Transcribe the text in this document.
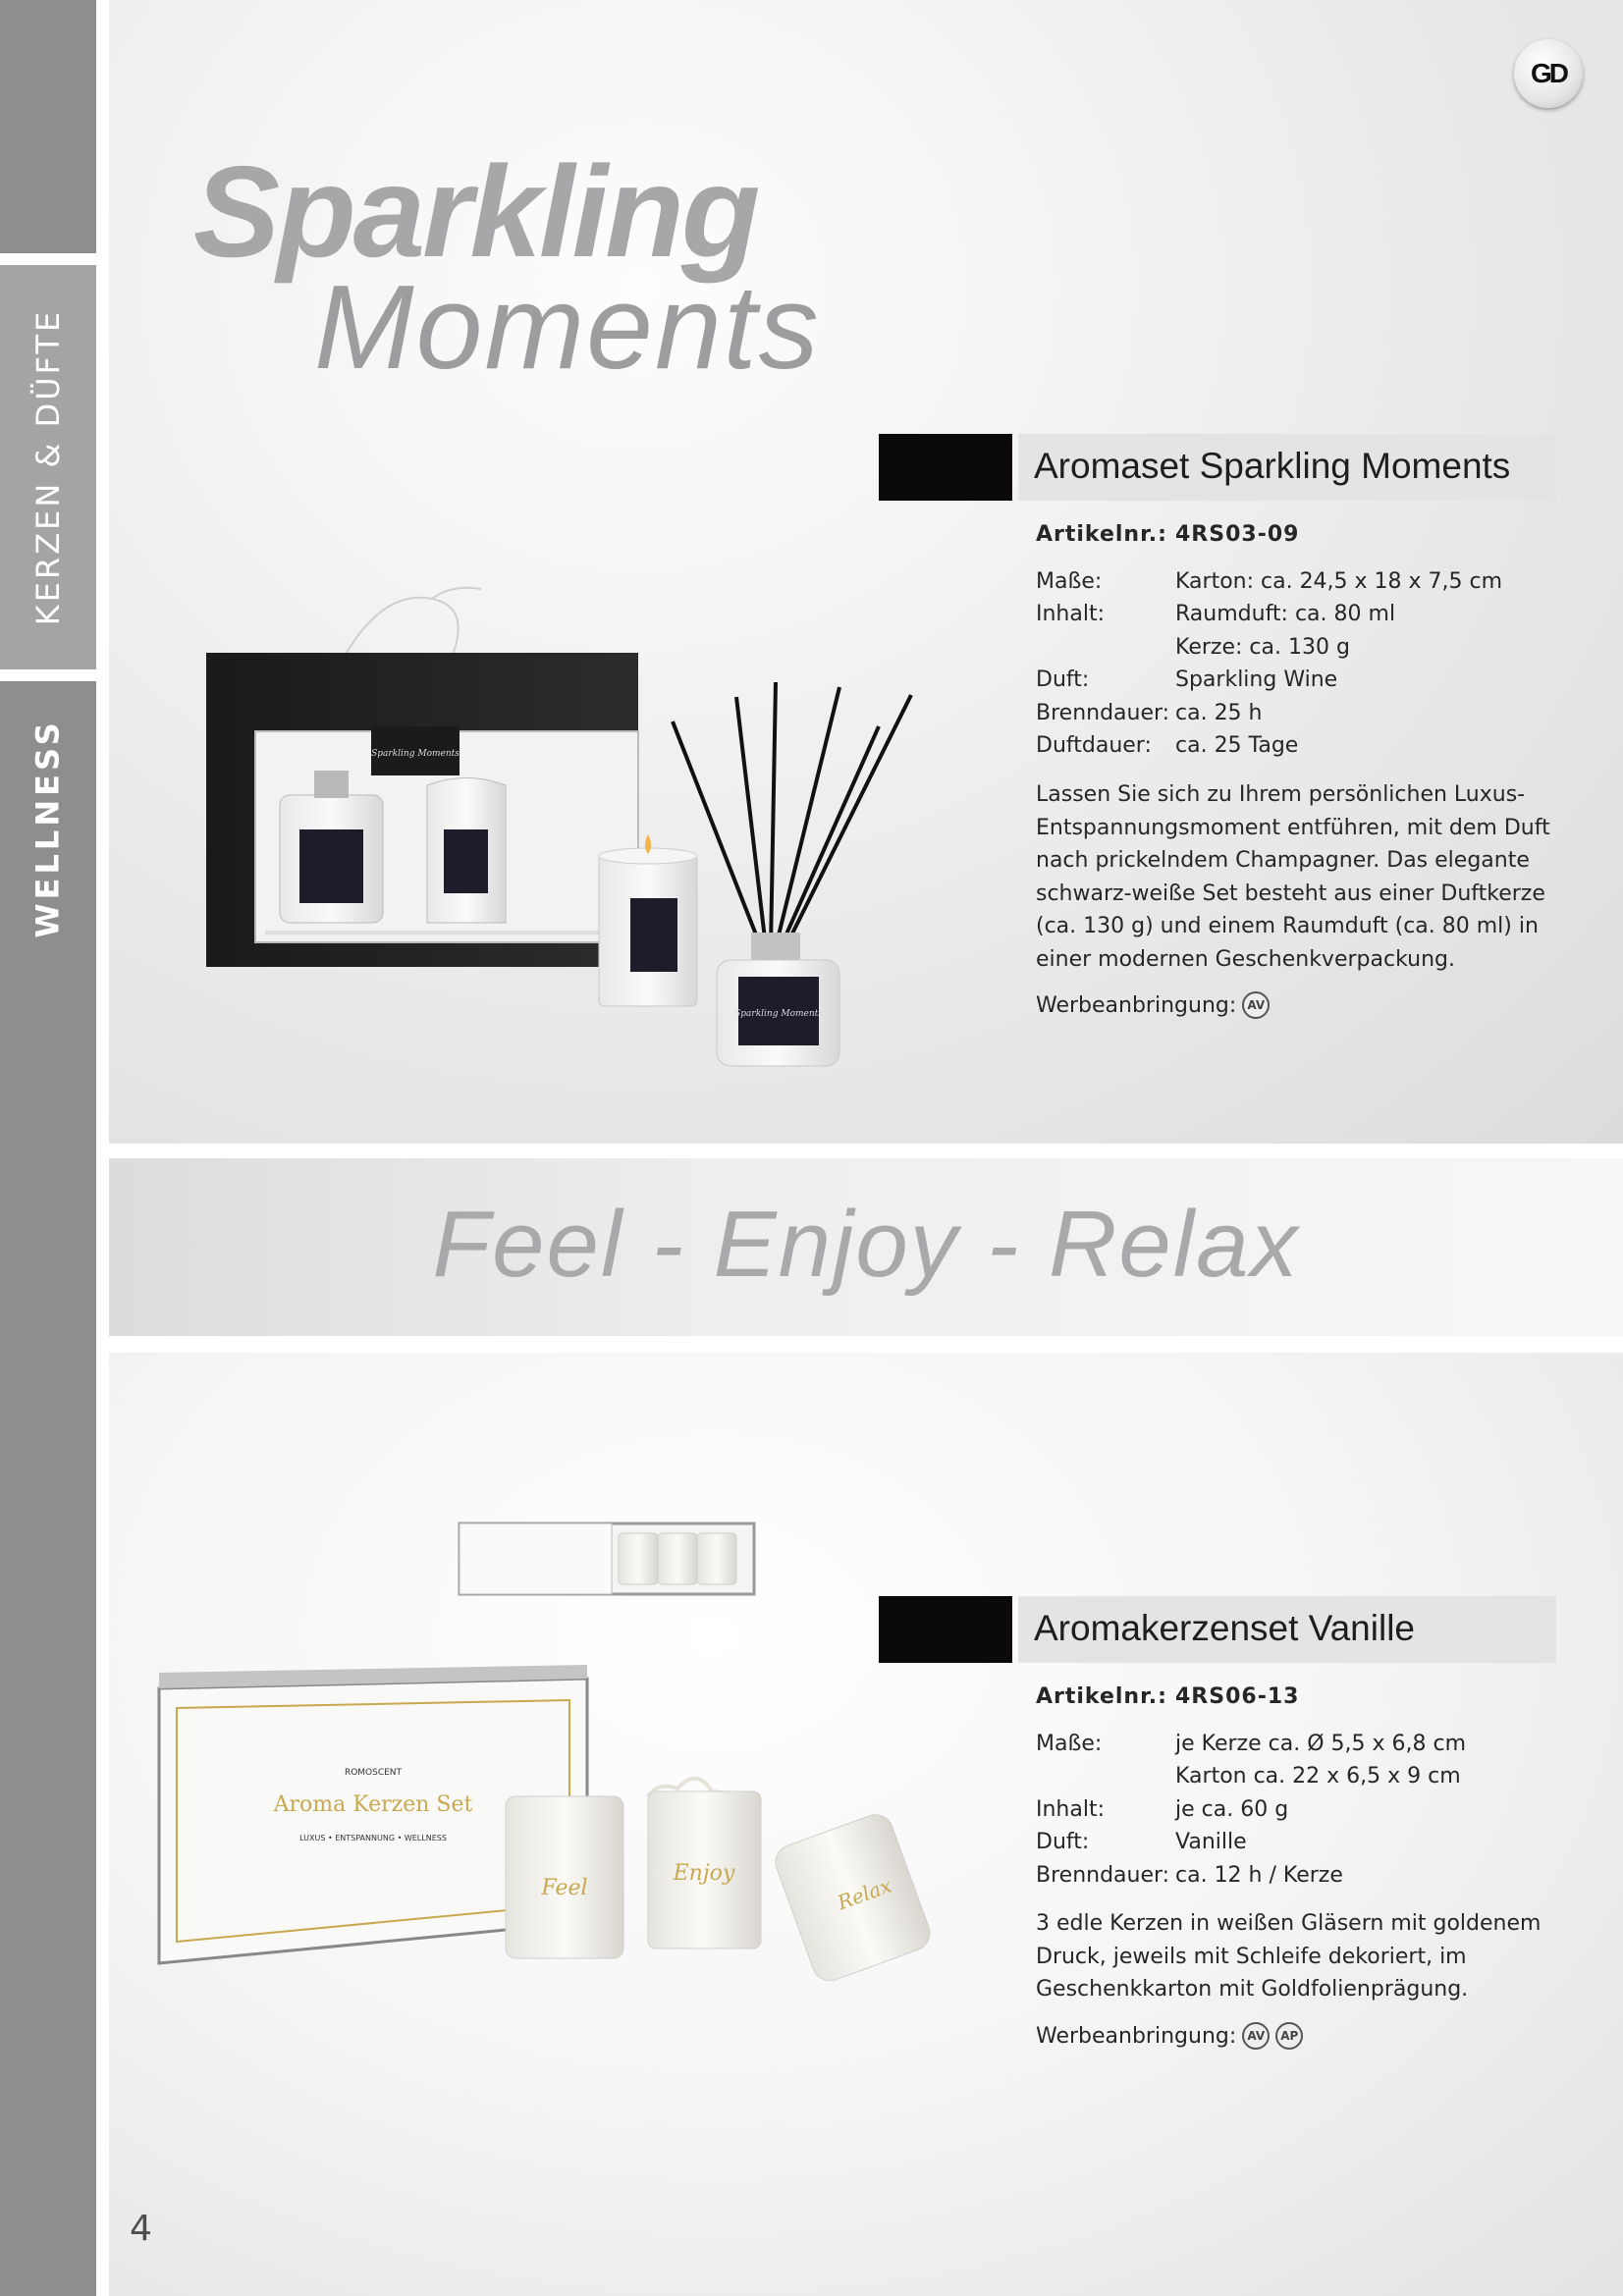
KERZEN & DÜFTE
WELLNESS
GD
Sparkling
Moments
Sparkling Moments
Sparkling Moments
Aromaset Sparkling Moments
Artikelnr.: 4RS03-09
Maße:	Karton: ca. 24,5 x 18 x 7,5 cm
Inhalt:	Raumduft: ca. 80 ml
Kerze: ca. 130 g
Duft:	Sparkling Wine
Brenndauer: ca. 25 h
Duftdauer: ca. 25 Tage
Lassen Sie sich zu Ihrem persönlichen Luxus-Entspannungsmoment entführen, mit dem Duft nach prickelndem Champagner. Das elegante schwarz-weiße Set besteht aus einer Duftkerze (ca. 130 g) und einem Raumduft (ca. 80 ml) in einer modernen Geschenkverpackung.
Werbeanbringung: AV
Feel - Enjoy - Relax
ROMOSCENT
Aroma Kerzen Set
LUXUS • ENTSPANNUNG • WELLNESS
Feel
Enjoy	Relax
Aromakerzenset Vanille
Artikelnr.: 4RS06-13
Maße:	je Kerze ca. Ø 5,5 x 6,8 cm
Karton ca. 22 x 6,5 x 9 cm
Inhalt:	je ca. 60 g
Duft:	Vanille
Brenndauer: ca. 12 h / Kerze
3 edle Kerzen in weißen Gläsern mit goldenem Druck, jeweils mit Schleife dekoriert, im Geschenkkarton mit Goldfolienprägung.
Werbeanbringung: AV	AP
4
